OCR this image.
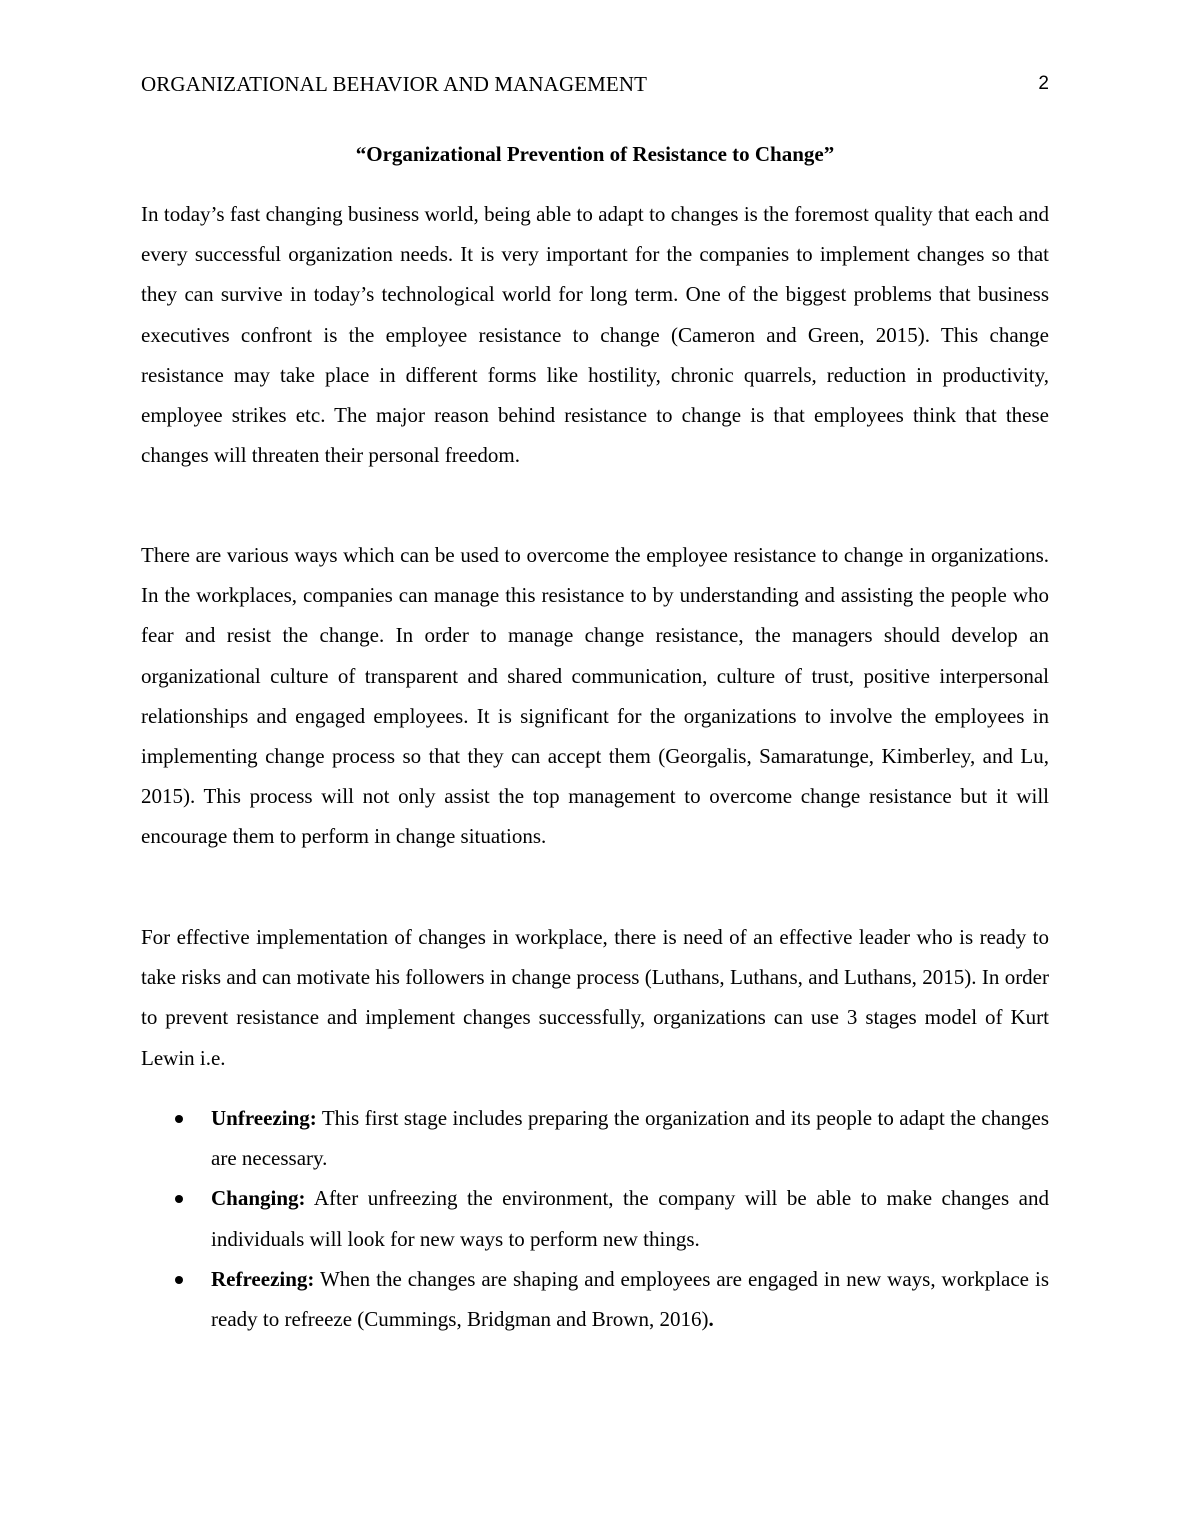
ORGANIZATIONAL BEHAVIOR AND MANAGEMENT	2
“Organizational Prevention of Resistance to Change”

In today’s fast changing business world, being able to adapt to changes is the foremost quality that each and every successful organization needs. It is very important for the companies to implement changes so that they can survive in today’s technological world for long term. One of the biggest problems that business executives confront is the employee resistance to change (Cameron and Green, 2015). This change resistance may take place in different forms like hostility, chronic quarrels, reduction in productivity, employee strikes etc. The major reason behind resistance to change is that employees think that these changes will threaten their personal freedom.

There are various ways which can be used to overcome the employee resistance to change in organizations. In the workplaces, companies can manage this resistance to by understanding and assisting the people who fear and resist the change. In order to manage change resistance, the managers should develop an organizational culture of transparent and shared communication, culture of trust, positive interpersonal relationships and engaged employees. It is significant for the organizations to involve the employees in implementing change process so that they can accept them (Georgalis, Samaratunge, Kimberley, and Lu, 2015). This process will not only assist the top management to overcome change resistance but it will encourage them to perform in change situations.

For effective implementation of changes in workplace, there is need of an effective leader who is ready to take risks and can motivate his followers in change process (Luthans, Luthans, and Luthans, 2015). In order to prevent resistance and implement changes successfully, organizations can use 3 stages model of Kurt Lewin i.e.

Unfreezing: This first stage includes preparing the organization and its people to adapt the changes are necessary.
Changing: After unfreezing the environment, the company will be able to make changes and individuals will look for new ways to perform new things.
Refreezing: When the changes are shaping and employees are engaged in new ways, workplace is ready to refreeze (Cummings, Bridgman and Brown, 2016).
